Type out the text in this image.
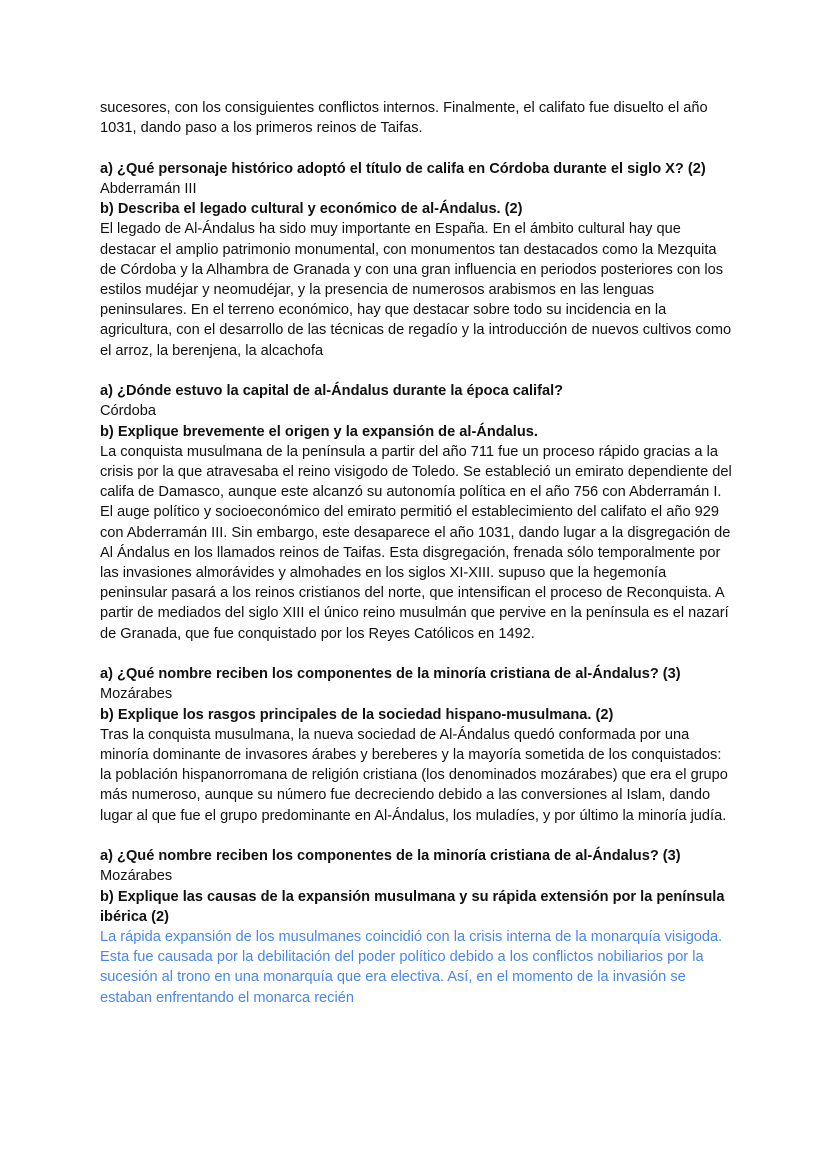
sucesores, con los consiguientes conflictos internos. Finalmente, el califato fue disuelto el año 1031, dando paso a los primeros reinos de Taifas.

a) ¿Qué personaje histórico adoptó el título de califa en Córdoba durante el siglo X? (2)

Abderramán III

b) Describa el legado cultural y económico de al-Ándalus. (2)

El legado de Al-Ándalus ha sido muy importante en España. En el ámbito cultural hay que destacar el amplio patrimonio monumental, con monumentos tan destacados como la Mezquita de Córdoba y la Alhambra de Granada y con una gran influencia en periodos posteriores con los estilos mudéjar y neomudéjar, y la presencia de numerosos arabismos en las lenguas peninsulares. En el terreno económico, hay que destacar sobre todo su incidencia en la agricultura, con el desarrollo de las técnicas de regadío y la introducción de nuevos cultivos como el arroz, la berenjena, la alcachofa

a) ¿Dónde estuvo la capital de al-Ándalus durante la época califal?

Córdoba

b) Explique brevemente el origen y la expansión de al-Ándalus.

La conquista musulmana de la península a partir del año 711 fue un proceso rápido gracias a la crisis por la que atravesaba el reino visigodo de Toledo. Se estableció un emirato dependiente del califa de Damasco, aunque este alcanzó su autonomía política en el año 756 con Abderramán I. El auge político y socioeconómico del emirato permitió el establecimiento del califato el año 929 con Abderramán III. Sin embargo, este desaparece el año 1031, dando lugar a la disgregación de Al Ándalus en los llamados reinos de Taifas. Esta disgregación, frenada sólo temporalmente por las invasiones almorávides y almohades en los siglos XI-XIII. supuso que la hegemonía peninsular pasará a los reinos cristianos del norte, que intensifican el proceso de Reconquista. A partir de mediados del siglo XIII el único reino musulmán que pervive en la península es el nazarí de Granada, que fue conquistado por los Reyes Católicos en 1492.

a) ¿Qué nombre reciben los componentes de la minoría cristiana de al-Ándalus? (3)

Mozárabes

b) Explique los rasgos principales de la sociedad hispano-musulmana. (2)

Tras la conquista musulmana, la nueva sociedad de Al-Ándalus quedó conformada por una minoría dominante de invasores árabes y bereberes y la mayoría sometida de los conquistados: la población hispanorromana de religión cristiana (los denominados mozárabes) que era el grupo más numeroso, aunque su número fue decreciendo debido a las conversiones al Islam, dando lugar al que fue el grupo predominante en Al-Ándalus, los muladíes, y por último la minoría judía.

a) ¿Qué nombre reciben los componentes de la minoría cristiana de al-Ándalus? (3)

Mozárabes

b) Explique las causas de la expansión musulmana y su rápida extensión por la península ibérica (2)

La rápida expansión de los musulmanes coincidió con la crisis interna de la monarquía visigoda. Esta fue causada por la debilitación del poder político debido a los conflictos nobiliarios por la sucesión al trono en una monarquía que era electiva. Así, en el momento de la invasión se estaban enfrentando el monarca recién
